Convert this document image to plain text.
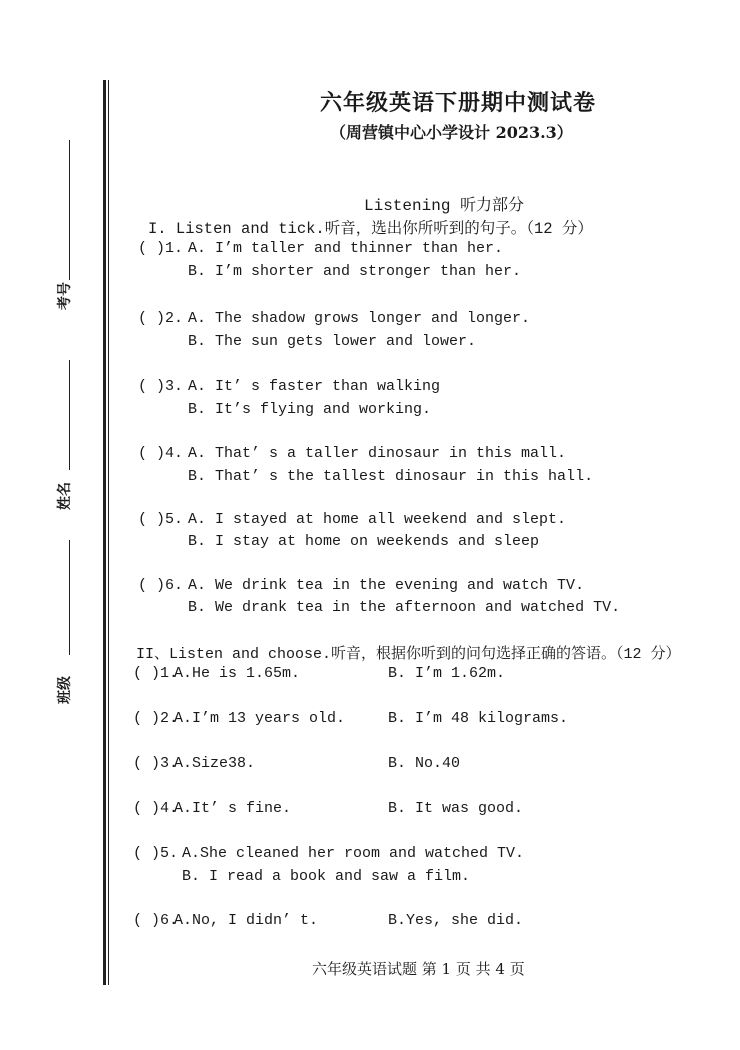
考号
姓名
班级
六年级英语下册期中测试卷
（周营镇中心小学设计 2023.3）
Listening 听力部分
I. Listen and tick.听音，选出你所听到的句子。（12 分）
( )1. A. I’m taller and thinner than her.
B. I’m shorter and stronger than her.
( )2. A. The shadow grows longer and longer.
B. The sun gets lower and lower.
( )3. A. It’ s faster than walking
B. It’s flying and working.
( )4. A. That’ s a taller dinosaur in this mall.
B. That’ s the tallest dinosaur in this hall.
( )5. A. I stayed at home all weekend and slept.
B. I stay at home on weekends and sleep
( )6. A. We drink tea in the evening and watch TV.
B. We drank tea in the afternoon and watched TV.
II、Listen and choose.听音，根据你听到的问句选择正确的答语。（12 分）
( )1.
A.He is 1.65m.	B. I’m 1.62m.
( )2.
A.I’m 13 years old.	B. I’m 48 kilograms.
( )3.
A.Size38.	B. No.40
( )4.
A.It’ s fine.	B. It was good.
( )5. A.She cleaned her room and watched TV.
B. I read a book and saw a film.
( )6.
A.No, I didn’ t.	B.Yes, she did.
六年级英语试题 第 1 页 共 4 页
